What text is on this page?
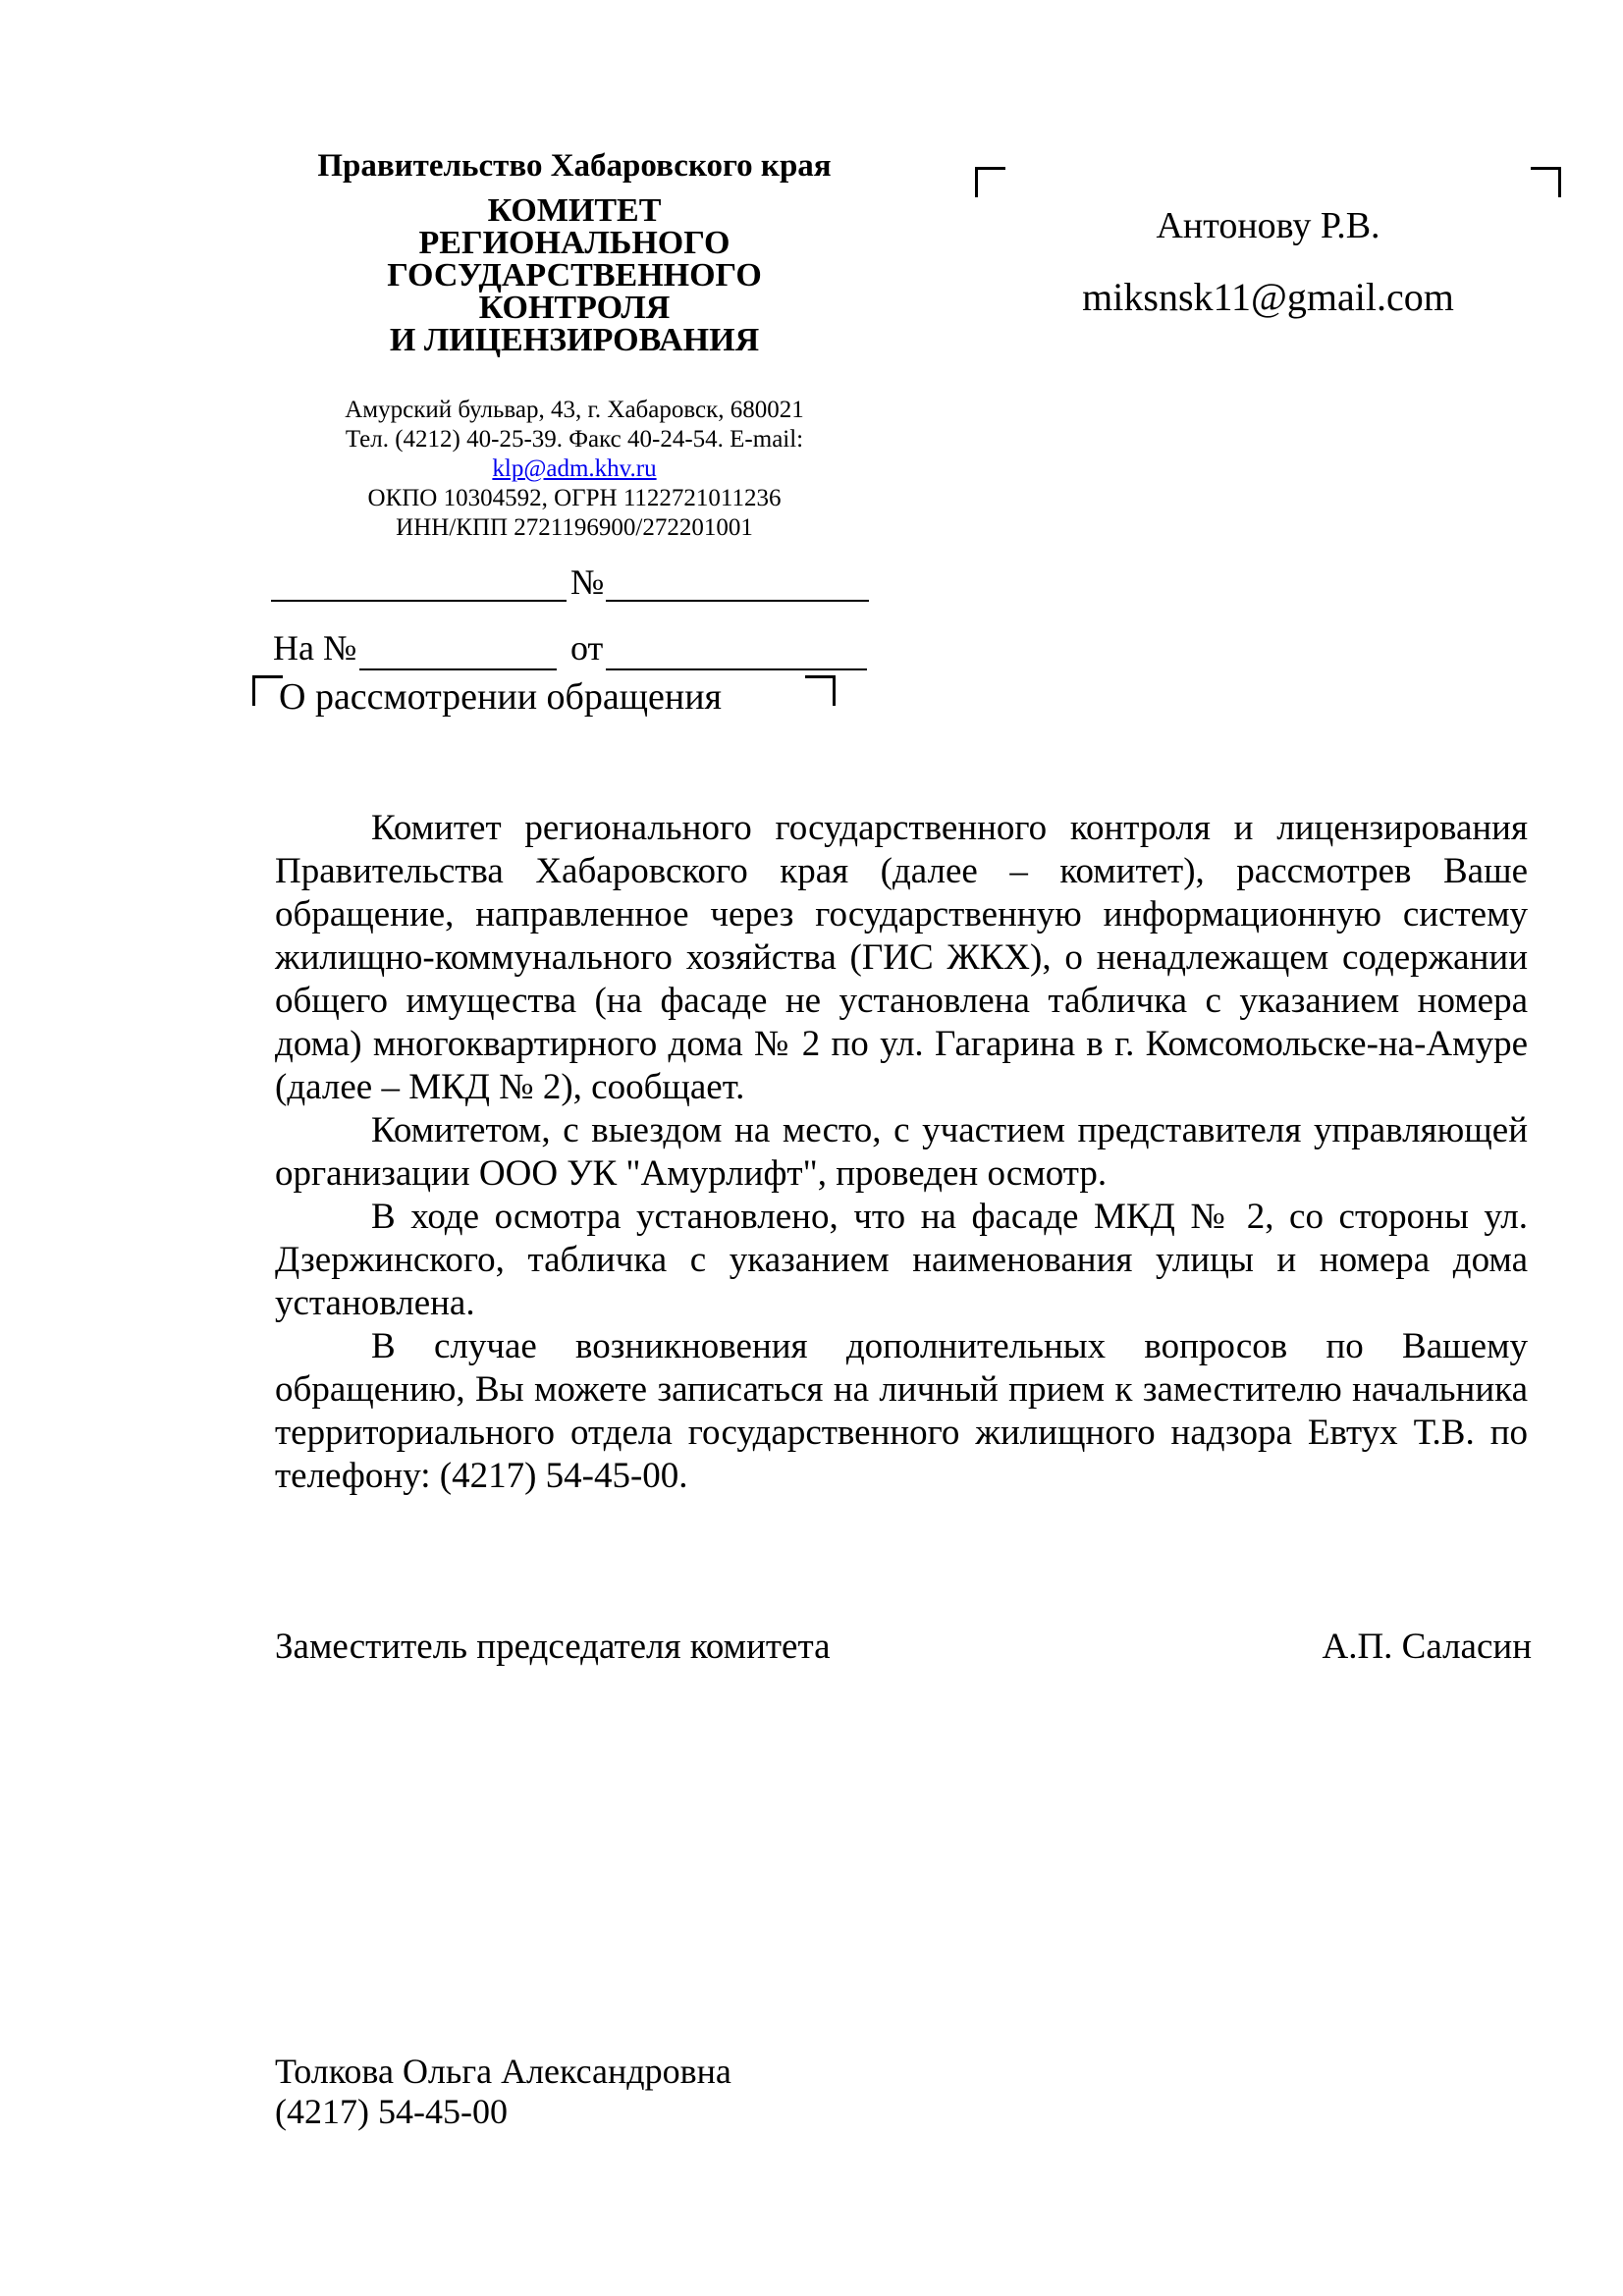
Правительство Хабаровского края
КОМИТЕТ
РЕГИОНАЛЬНОГО
ГОСУДАРСТВЕННОГО
КОНТРОЛЯ
И ЛИЦЕНЗИРОВАНИЯ
Амурский бульвар, 43, г. Хабаровск, 680021
Тел. (4212) 40-25-39. Факс 40-24-54. E-mail: klp@adm.khv.ru
ОКПО 10304592, ОГРН 1122721011236
ИНН/КПП 2721196900/272201001
Антонову Р.В.
miksnsk11@gmail.com
№
На №	от
О рассмотрении обращения

Комитет регионального государственного контроля и лицензирования Правительства Хабаровского края (далее – комитет), рассмотрев Ваше обращение, направленное через государственную информационную систему жилищно-коммунального хозяйства (ГИС ЖКХ), о ненадлежащем содержании общего имущества (на фасаде не установлена табличка с указанием номера дома) многоквартирного дома № 2 по ул. Гагарина в г. Комсомольске-на-Амуре (далее – МКД № 2), сообщает.

Комитетом, с выездом на место, с участием представителя управляющей организации ООО УК "Амурлифт", проведен осмотр.

В ходе осмотра установлено, что на фасаде МКД № 2, со стороны ул. Дзержинского, табличка с указанием наименования улицы и номера дома установлена.

В случае возникновения дополнительных вопросов по Вашему обращению, Вы можете записаться на личный прием к заместителю начальника территориального отдела государственного жилищного надзора Евтух Т.В. по телефону: (4217) 54-45-00.

Заместитель председателя комитета	А.П. Саласин
Толкова Ольга Александровна
(4217) 54-45-00
